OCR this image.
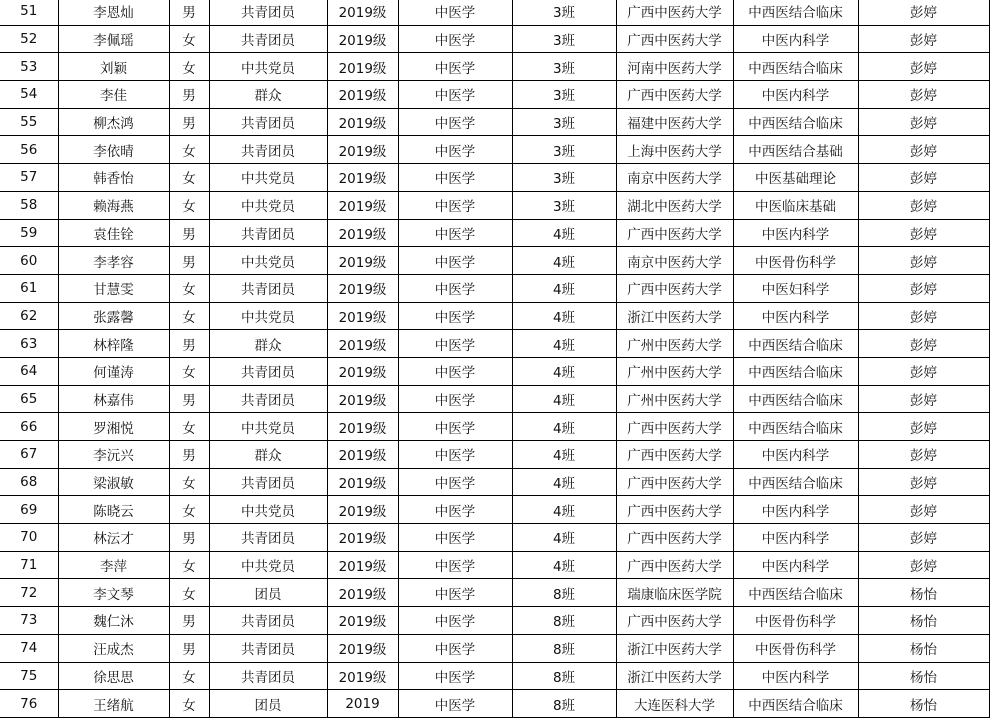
51	李恩灿	男	共青团员	2019级	中医学	3班	广西中医药大学	中西医结合临床	彭婷
52	李佩瑶	女	共青团员	2019级	中医学	3班	广西中医药大学	中医内科学	彭婷
53	刘颖	女	中共党员	2019级	中医学	3班	河南中医药大学	中西医结合临床	彭婷
54	李佳	男	群众	2019级	中医学	3班	广西中医药大学	中医内科学	彭婷
55	柳杰鸿	男	共青团员	2019级	中医学	3班	福建中医药大学	中西医结合临床	彭婷
56	李依晴	女	共青团员	2019级	中医学	3班	上海中医药大学	中西医结合基础	彭婷
57	韩香怡	女	中共党员	2019级	中医学	3班	南京中医药大学	中医基础理论	彭婷
58	赖海燕	女	中共党员	2019级	中医学	3班	湖北中医药大学	中医临床基础	彭婷
59	袁佳铨	男	共青团员	2019级	中医学	4班	广西中医药大学	中医内科学	彭婷
60	李孝容	男	中共党员	2019级	中医学	4班	南京中医药大学	中医骨伤科学	彭婷
61	甘慧雯	女	共青团员	2019级	中医学	4班	广西中医药大学	中医妇科学	彭婷
62	张露馨	女	中共党员	2019级	中医学	4班	浙江中医药大学	中医内科学	彭婷
63	林梓隆	男	群众	2019级	中医学	4班	广州中医药大学	中西医结合临床	彭婷
64	何谨涛	女	共青团员	2019级	中医学	4班	广州中医药大学	中西医结合临床	彭婷
65	林嘉伟	男	共青团员	2019级	中医学	4班	广州中医药大学	中西医结合临床	彭婷
66	罗湘悦	女	中共党员	2019级	中医学	4班	广西中医药大学	中西医结合临床	彭婷
67	李沅兴	男	群众	2019级	中医学	4班	广西中医药大学	中医内科学	彭婷
68	梁淑敏	女	共青团员	2019级	中医学	4班	广西中医药大学	中西医结合临床	彭婷
69	陈晓云	女	中共党员	2019级	中医学	4班	广西中医药大学	中医内科学	彭婷
70	林沄才	男	共青团员	2019级	中医学	4班	广西中医药大学	中医内科学	彭婷
71	李萍	女	中共党员	2019级	中医学	4班	广西中医药大学	中医内科学	彭婷
72	李文琴	女	团员	2019级	中医学	8班	瑞康临床医学院	中西医结合临床	杨怡
73	魏仁沐	男	共青团员	2019级	中医学	8班	广西中医药大学	中医骨伤科学	杨怡
74	汪成杰	男	共青团员	2019级	中医学	8班	浙江中医药大学	中医骨伤科学	杨怡
75	徐思思	女	共青团员	2019级	中医学	8班	浙江中医药大学	中医内科学	杨怡
76	王绪航	女	团员	2019	中医学	8班	大连医科大学	中西医结合临床	杨怡
